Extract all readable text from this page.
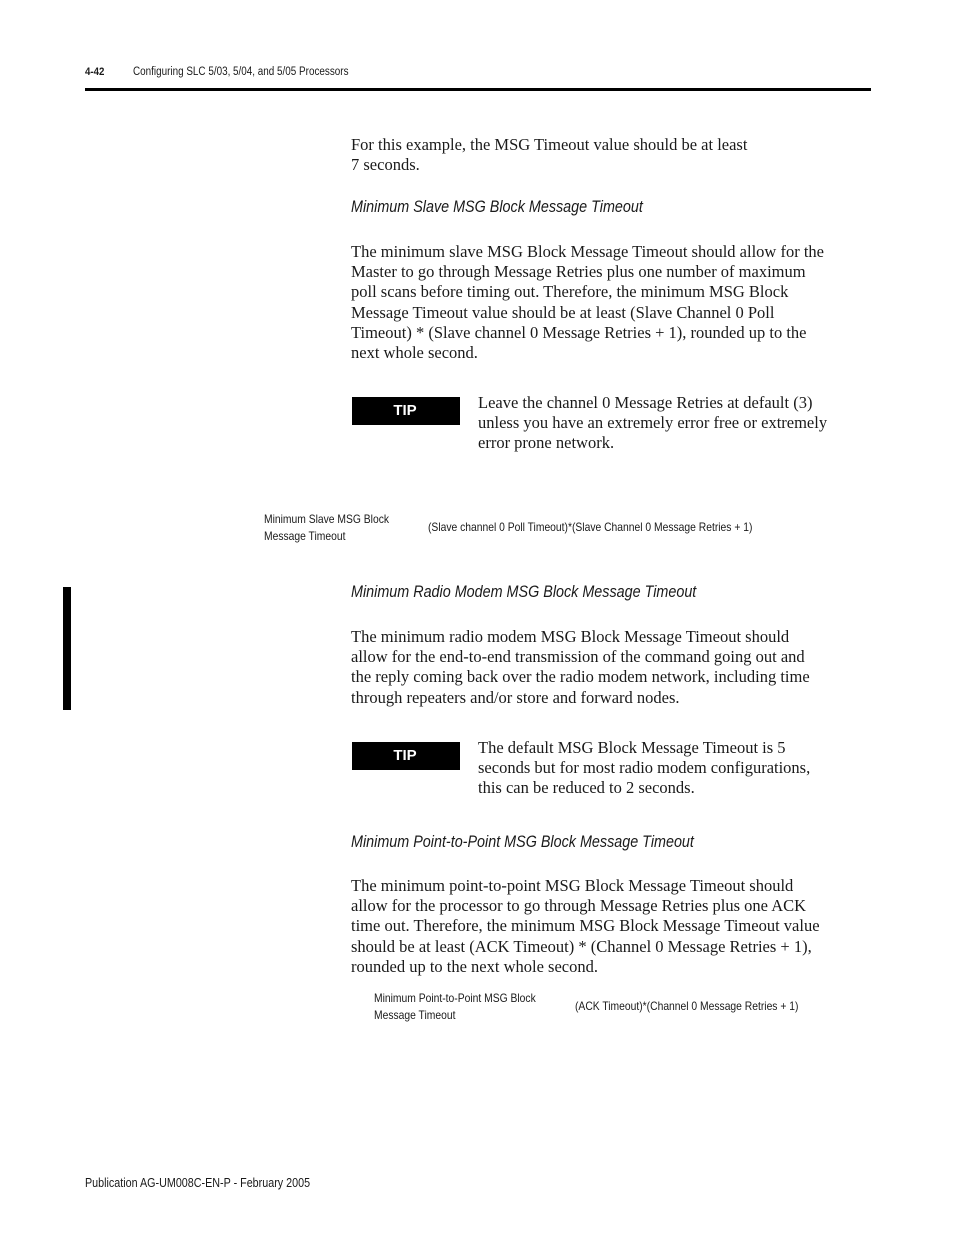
4-42 Configuring SLC 5/03, 5/04, and 5/05 Processors
For this example, the MSG Timeout value should be at least
7 seconds.
Minimum Slave MSG Block Message Timeout
The minimum slave MSG Block Message Timeout should allow for the
Master to go through Message Retries plus one number of maximum
poll scans before timing out. Therefore, the minimum MSG Block
Message Timeout value should be at least (Slave Channel 0 Poll
Timeout) * (Slave channel 0 Message Retries + 1), rounded up to the
next whole second.
TIP	Leave the channel 0 Message Retries at default (3)
unless you have an extremely error free or extremely
error prone network.
Minimum Slave MSG Block
Message Timeout
(Slave channel 0 Poll Timeout)*(Slave Channel 0 Message Retries + 1)
Minimum Radio Modem MSG Block Message Timeout
The minimum radio modem MSG Block Message Timeout should
allow for the end-to-end transmission of the command going out and
the reply coming back over the radio modem network, including time
through repeaters and/or store and forward nodes.
TIP	The default MSG Block Message Timeout is 5
seconds but for most radio modem configurations,
this can be reduced to 2 seconds.
Minimum Point-to-Point MSG Block Message Timeout
The minimum point-to-point MSG Block Message Timeout should
allow for the processor to go through Message Retries plus one ACK
time out. Therefore, the minimum MSG Block Message Timeout value
should be at least (ACK Timeout) * (Channel 0 Message Retries + 1),
rounded up to the next whole second.
Minimum Point-to-Point MSG Block
Message Timeout
(ACK Timeout)*(Channel 0 Message Retries + 1)
Publication AG-UM008C-EN-P - February 2005
